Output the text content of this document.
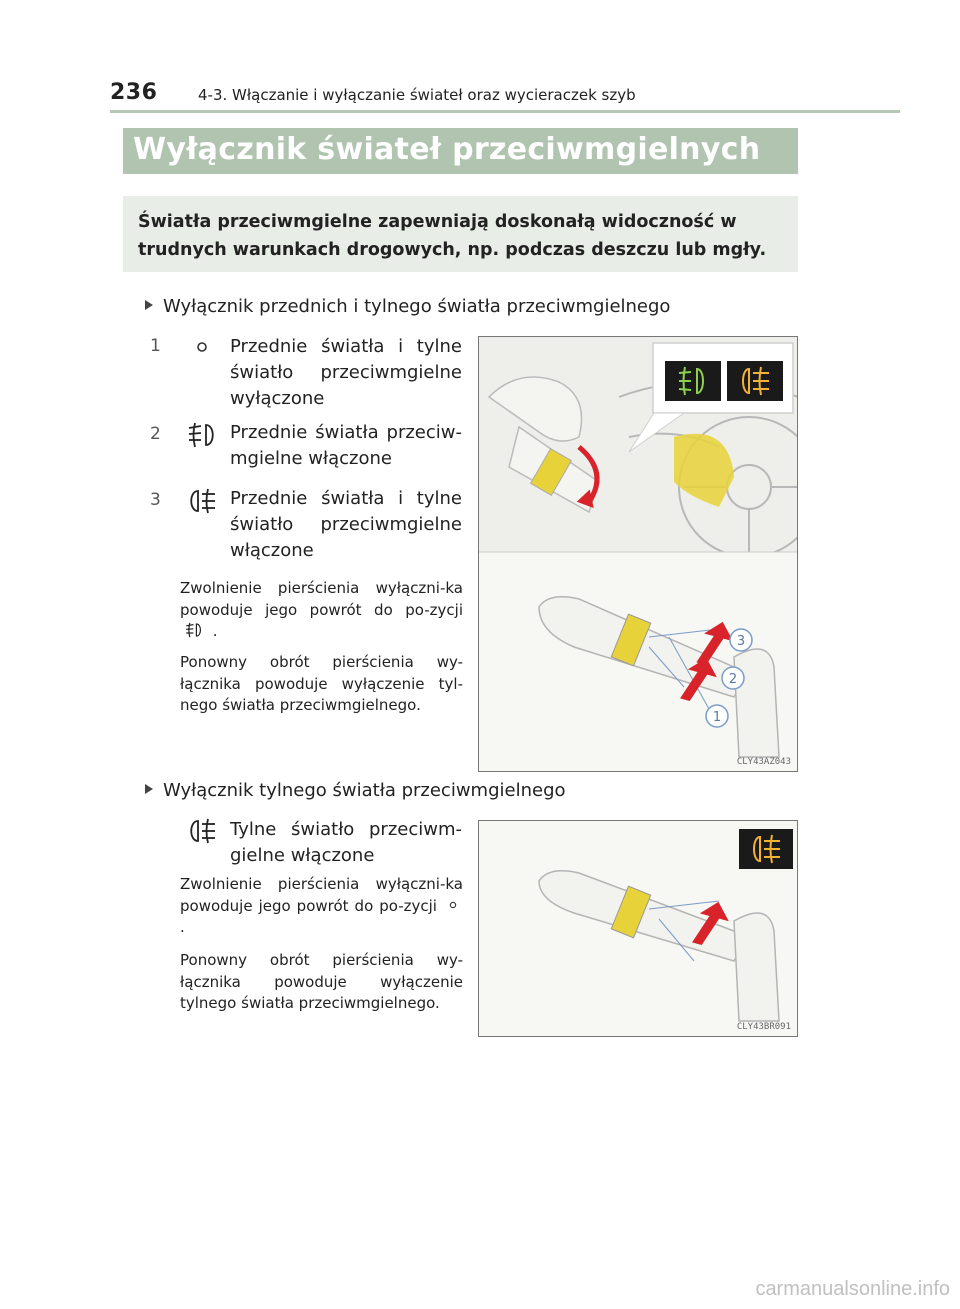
236	4-3. Włączanie i wyłączanie świateł oraz wycieraczek szyb
Wyłącznik świateł przeciwmgielnych
Światła przeciwmgielne zapewniają doskonałą widoczność w trudnych warunkach drogowych, np. podczas deszczu lub mgły.
Wyłącznik przednich i tylnego światła przeciwmgielnego
1	Przednie światła i tylne światło przeciwmgielne wyłączone
2	Przednie światła przeciw-mgielne włączone
3	Przednie światła i tylne światło przeciwmgielne włączone
Zwolnienie pierścienia wyłączni-ka powoduje jego powrót do po-zycji  .
Ponowny obrót pierścienia wy-łącznika powoduje wyłączenie tyl-nego światła przeciwmgielnego.
3
2
1
CLY43AZ043
Wyłącznik tylnego światła przeciwmgielnego
Tylne światło przeciwm-gielne włączone
Zwolnienie pierścienia wyłączni-ka powoduje jego powrót do po-zycji  .
Ponowny obrót pierścienia wy-łącznika powoduje wyłączenie tylnego światła przeciwmgielnego.
CLY43BR091
carmanualsonline.info
